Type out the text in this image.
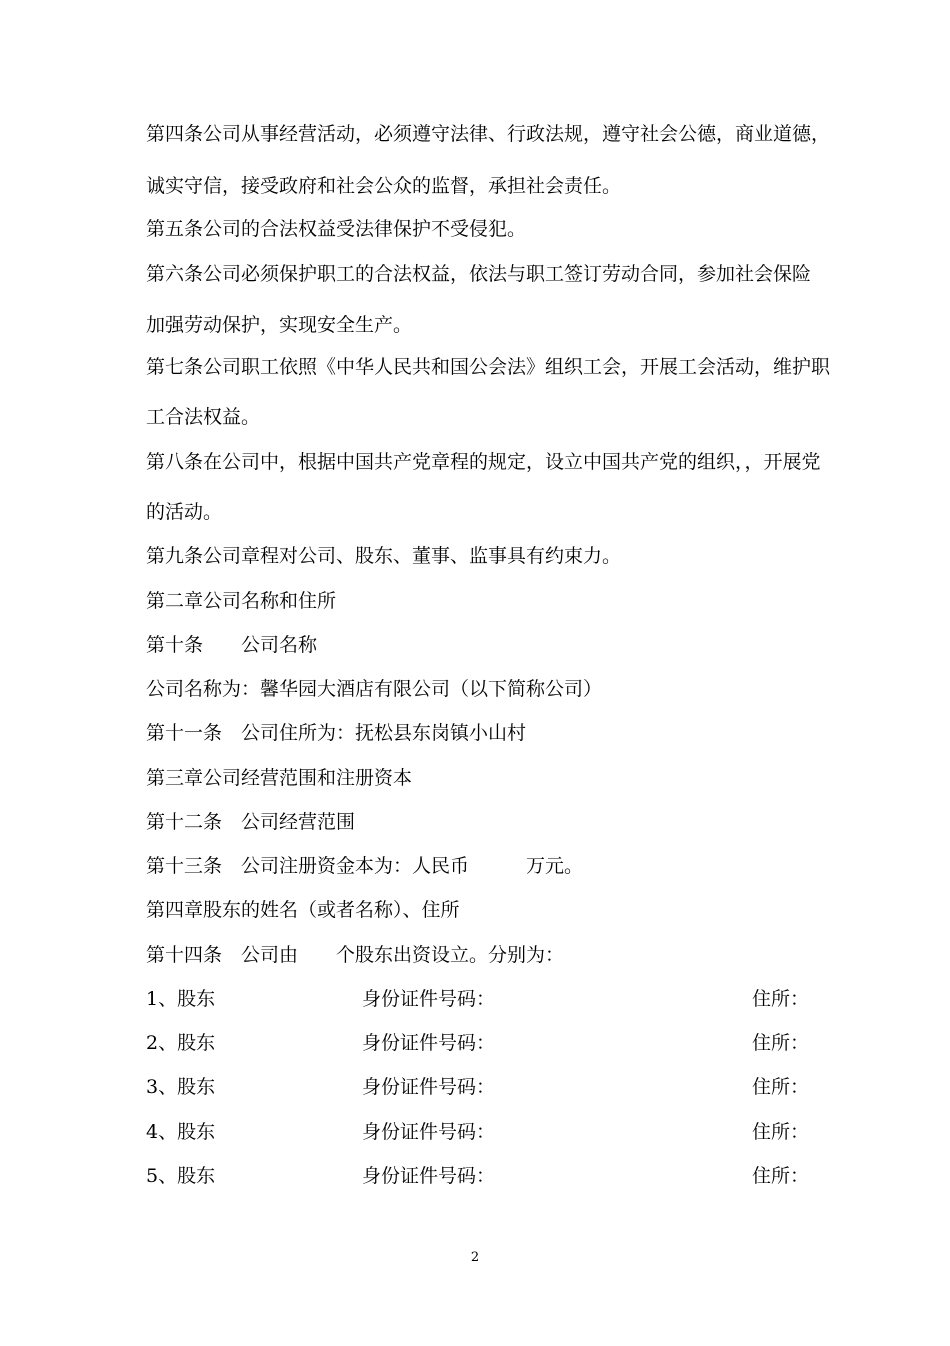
第四条公司从事经营活动，必须遵守法律、行政法规，遵守社会公德，商业道德，

诚实守信，接受政府和社会公众的监督，承担社会责任。

第五条公司的合法权益受法律保护不受侵犯。

第六条公司必须保护职工的合法权益，依法与职工签订劳动合同，参加社会保险

加强劳动保护，实现安全生产。

第七条公司职工依照《中华人民共和国公会法》组织工会，开展工会活动，维护职

工合法权益。

第八条在公司中，根据中国共产党章程的规定，设立中国共产党的组织，，开展党

的活动。

第九条公司章程对公司、股东、董事、监事具有约束力。

第二章公司名称和住所

第十条　　公司名称

公司名称为：馨华园大酒店有限公司（以下简称公司）

第十一条　公司住所为：抚松县东岗镇小山村

第三章公司经营范围和注册资本

第十二条　公司经营范围

第十三条　公司注册资金本为：人民币　　　万元。

第四章股东的姓名（或者名称）、住所

第十四条　公司由　　个股东出资设立。分别为：

1、股东	身份证件号码：	住所：
2、股东	身份证件号码：	住所：
3、股东	身份证件号码：	住所：
4、股东	身份证件号码：	住所：
5、股东	身份证件号码：	住所：
2
